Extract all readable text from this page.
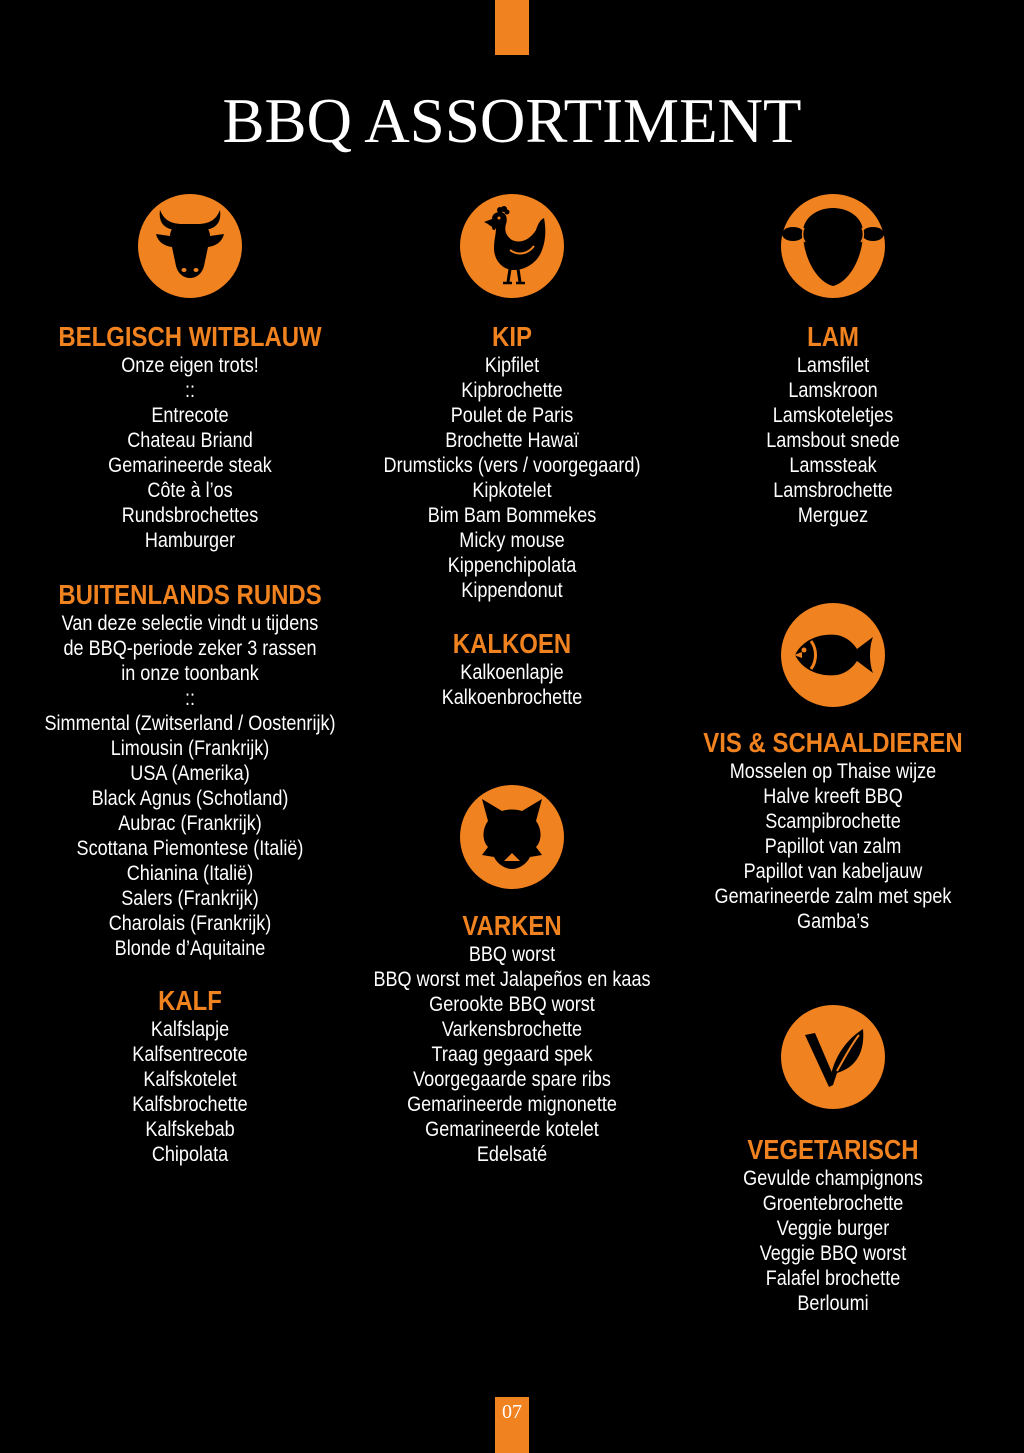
BBQ ASSORTIMENT
BELGISCH WITBLAUW
Onze eigen trots!
::
Entrecote
Chateau Briand
Gemarineerde steak
Côte à l’os
Rundsbrochettes
Hamburger
BUITENLANDS RUNDS
Van deze selectie vindt u tijdens
de BBQ-periode zeker 3 rassen
in onze toonbank
::
Simmental (Zwitserland / Oostenrijk)
Limousin (Frankrijk)
USA (Amerika)
Black Agnus (Schotland)
Aubrac (Frankrijk)
Scottana Piemontese (Italië)
Chianina (Italië)
Salers (Frankrijk)
Charolais (Frankrijk)
Blonde d’Aquitaine
KALF
Kalfslapje
Kalfsentrecote
Kalfskotelet
Kalfsbrochette
Kalfskebab
Chipolata
KIP
Kipfilet
Kipbrochette
Poulet de Paris
Brochette Hawaï
Drumsticks (vers / voorgegaard)
Kipkotelet
Bim Bam Bommekes
Micky mouse
Kippenchipolata
Kippendonut
KALKOEN
Kalkoenlapje
Kalkoenbrochette
VARKEN
BBQ worst
BBQ worst met Jalapeños en kaas
Gerookte BBQ worst
Varkensbrochette
Traag gegaard spek
Voorgegaarde spare ribs
Gemarineerde mignonette
Gemarineerde kotelet
Edelsaté
LAM
Lamsfilet
Lamskroon
Lamskoteletjes
Lamsbout snede
Lamssteak
Lamsbrochette
Merguez
VIS & SCHAALDIEREN
Mosselen op Thaise wijze
Halve kreeft BBQ
Scampibrochette
Papillot van zalm
Papillot van kabeljauw
Gemarineerde zalm met spek
Gamba’s
VEGETARISCH
Gevulde champignons
Groentebrochette
Veggie burger
Veggie BBQ worst
Falafel brochette
Berloumi
07
